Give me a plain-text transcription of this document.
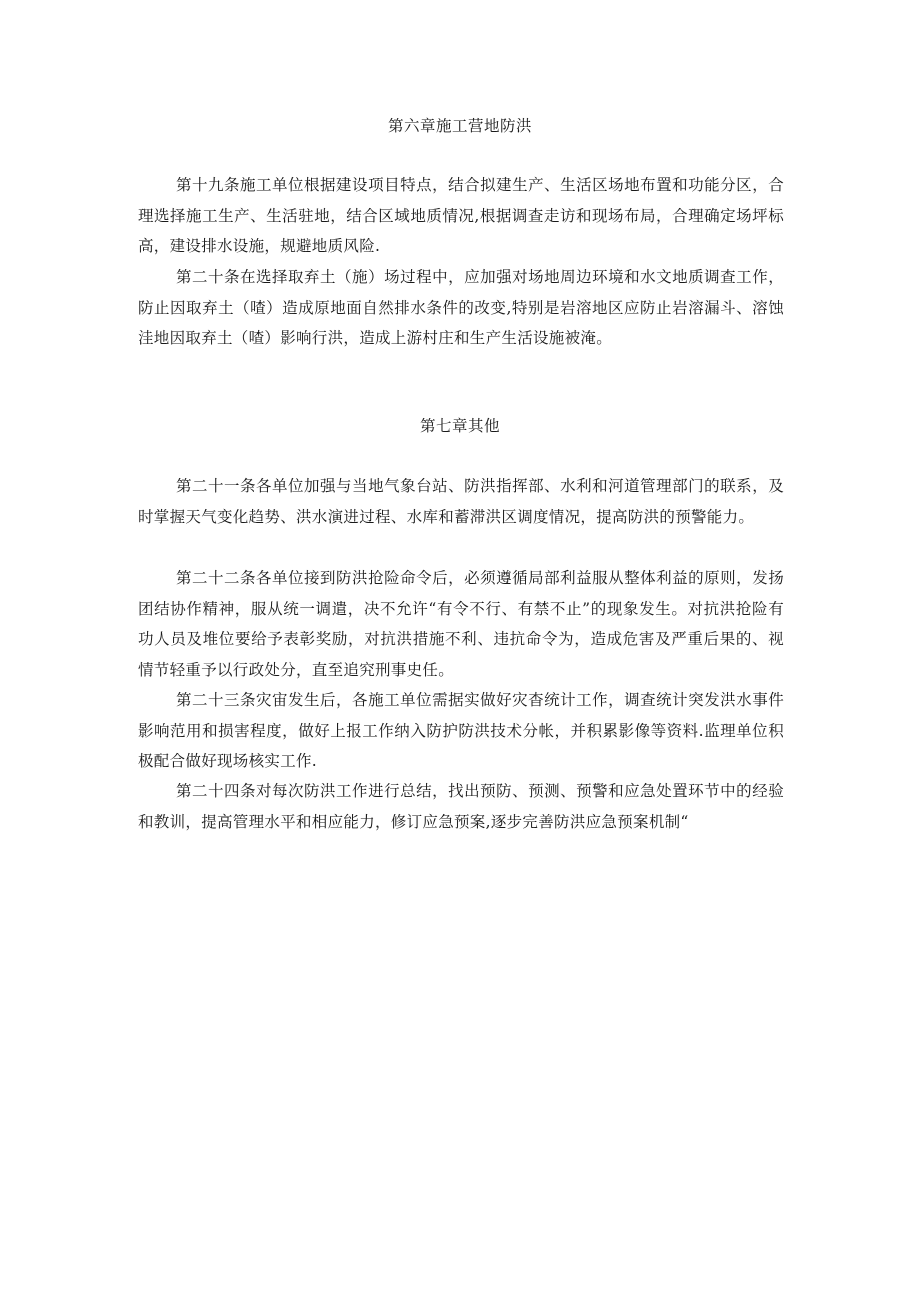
第六章施工营地防洪

第十九条施工单位根据建设项目特点，结合拟建生产、生活区场地布置和功能分区，合理选择施工生产、生活驻地，结合区域地质情况,根据调查走访和现场布局，合理确定场坪标高，建设排水设施，规避地质风险.

第二十条在选择取弃土（施）场过程中，应加强对场地周边环境和水文地质调查工作，防止因取弃土（喳）造成原地面自然排水条件的改变,特别是岩溶地区应防止岩溶漏斗、溶蚀洼地因取弃土（喳）影响行洪，造成上游村庄和生产生活设施被淹。

第七章其他

第二十一条各单位加强与当地气象台站、防洪指挥部、水利和河道管理部门的联系，及时掌握天气变化趋势、洪水演进过程、水库和蓄滞洪区调度情况，提高防洪的预警能力。

第二十二条各单位接到防洪抢险命令后，必须遵循局部利益服从整体利益的原则，发扬团结协作精神，服从统一调遣，决不允许“有令不行、有禁不止”的现象发生。对抗洪抢险有功人员及堆位要给予表彰奖励，对抗洪措施不利、违抗命令为，造成危害及严重后果的、视情节轻重予以行政处分，直至追究刑事史任。

第二十三条灾宙发生后，各施工单位需据实做好灾杳统计工作，调查统计突发洪水事件影响范用和损害程度，做好上报工作纳入防护防洪技术分帐，并积累影像等资料.监理单位积极配合做好现场核实工作.

第二十四条对每次防洪工作进行总结，找出预防、预测、预警和应急处置环节中的经验和教训，提高管理水平和相应能力，修订应急预案,逐步完善防洪应急预案机制“
